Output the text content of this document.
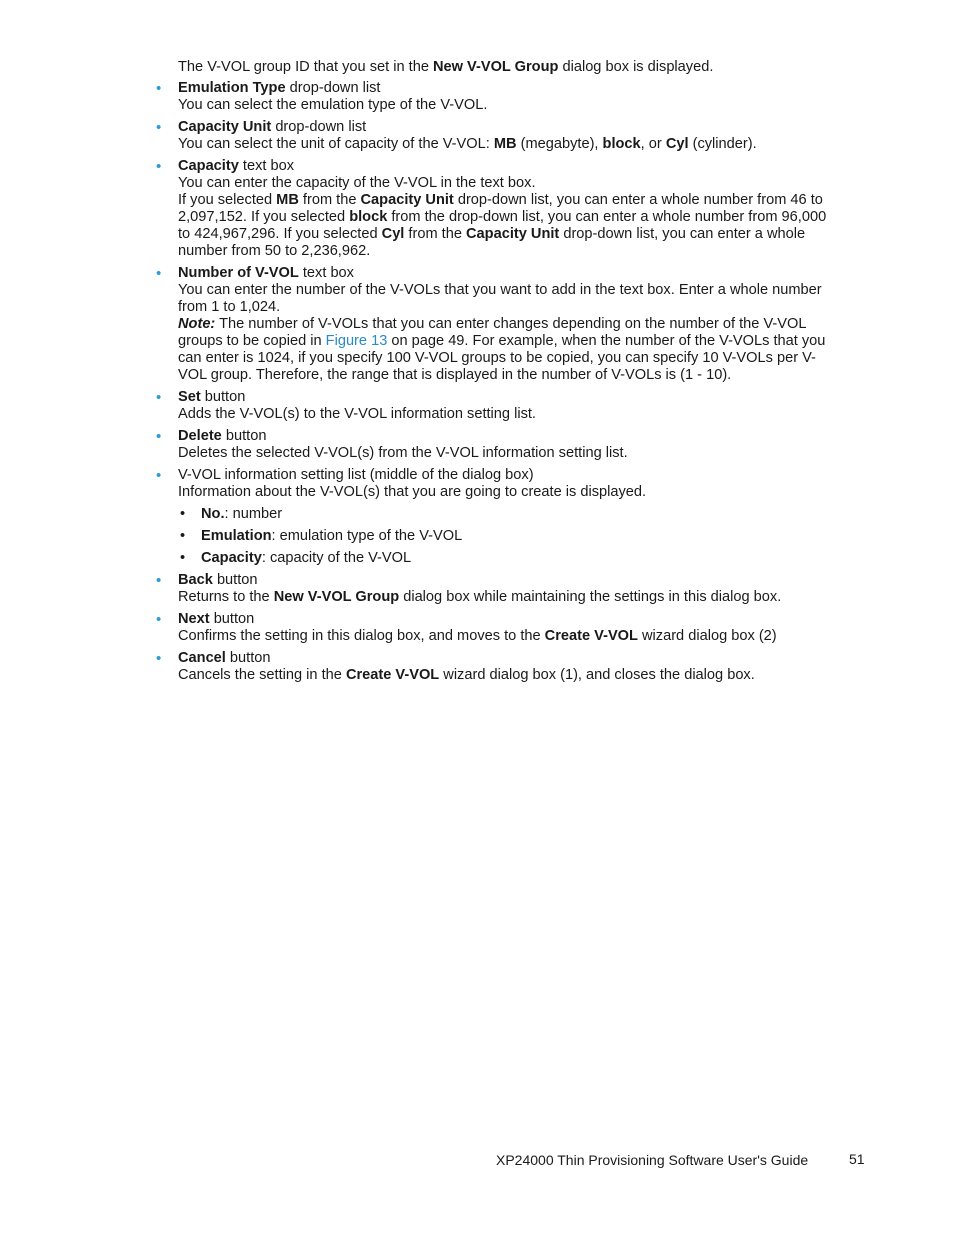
The V-VOL group ID that you set in the New V-VOL Group dialog box is displayed.

• Emulation Type drop-down list
You can select the emulation type of the V-VOL.
• Capacity Unit drop-down list
You can select the unit of capacity of the V-VOL: MB (megabyte), block, or Cyl (cylinder).
• Capacity text box
You can enter the capacity of the V-VOL in the text box.
If you selected MB from the Capacity Unit drop-down list, you can enter a whole number from 46 to 2,097,152. If you selected block from the drop-down list, you can enter a whole number from 96,000 to 424,967,296. If you selected Cyl from the Capacity Unit drop-down list, you can enter a whole number from 50 to 2,236,962.
• Number of V-VOL text box
You can enter the number of the V-VOLs that you want to add in the text box. Enter a whole number from 1 to 1,024.
Note: The number of V-VOLs that you can enter changes depending on the number of the V-VOL groups to be copied in Figure 13 on page 49. For example, when the number of the V-VOLs that you can enter is 1024, if you specify 100 V-VOL groups to be copied, you can specify 10 V-VOLs per V-VOL group. Therefore, the range that is displayed in the number of V-VOLs is (1 - 10).
• Set button
Adds the V-VOL(s) to the V-VOL information setting list.
• Delete button
Deletes the selected V-VOL(s) from the V-VOL information setting list.
• V-VOL information setting list (middle of the dialog box)
Information about the V-VOL(s) that you are going to create is displayed.
• No.: number
• Emulation: emulation type of the V-VOL
• Capacity: capacity of the V-VOL
• Back button
Returns to the New V-VOL Group dialog box while maintaining the settings in this dialog box.
• Next button
Confirms the setting in this dialog box, and moves to the Create V-VOL wizard dialog box (2)
• Cancel button
Cancels the setting in the Create V-VOL wizard dialog box (1), and closes the dialog box.
XP24000 Thin Provisioning Software User's Guide	51
